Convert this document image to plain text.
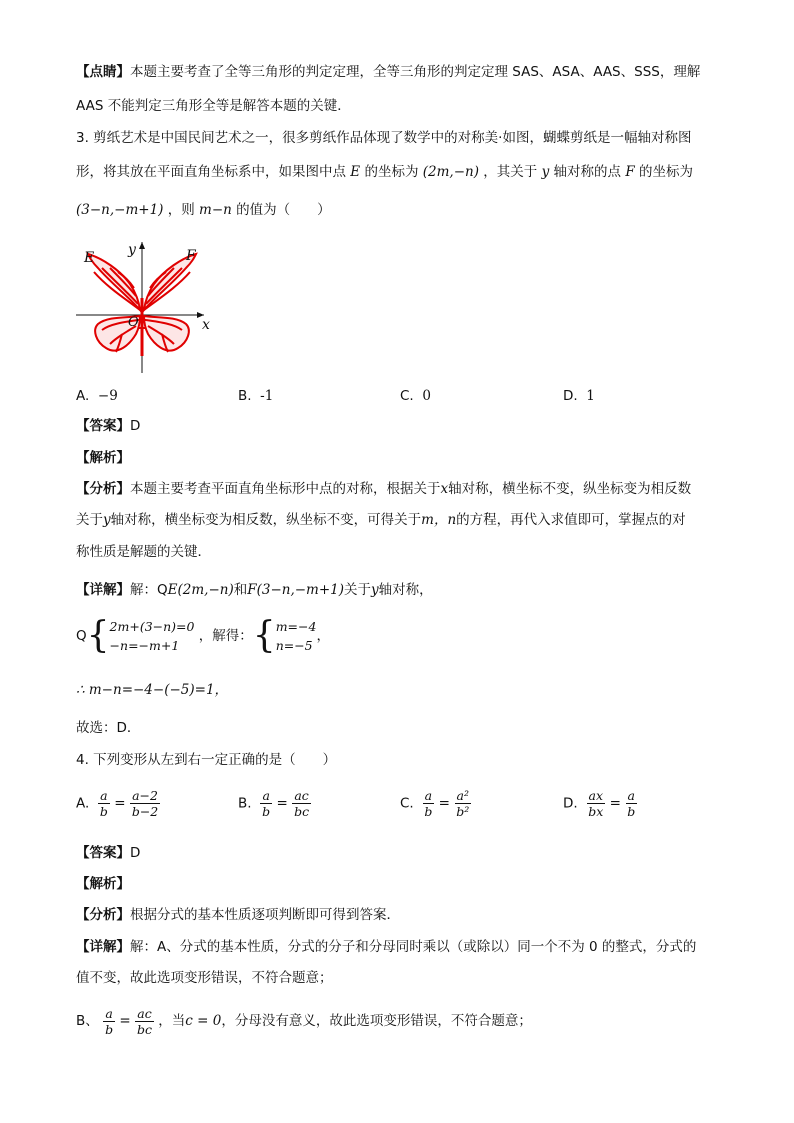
【点睛】本题主要考查了全等三角形的判定定理，全等三角形的判定定理 SAS、ASA、AAS、SSS，理解
AAS 不能判定三角形全等是解答本题的关键．
3. 剪纸艺术是中国民间艺术之一，很多剪纸作品体现了数学中的对称美·如图，蝴蝶剪纸是一幅轴对称图
形，将其放在平面直角坐标系中，如果图中点 E 的坐标为 (2m,−n) ，其关于 y 轴对称的点 F 的坐标为
(3−n,−m+1) ，则 m−n 的值为（　　）
E	F
y
x
O
A. −9	B. -1	C. 0	D. 1
【答案】D
【解析】
【分析】本题主要考查平面直角坐标形中点的对称，根据关于x轴对称，横坐标不变，纵坐标变为相反数
关于y轴对称，横坐标变为相反数，纵坐标不变，可得关于m，n的方程，再代入求值即可，掌握点的对
称性质是解题的关键．
【详解】解：QE(2m,−n)和F(3−n,−m+1)关于y轴对称，
Q{ 2m+(3−n)=0
−n=−m+1
，解得：{ m=−4
n=−5
，
∴ m−n=−4−(−5)=1，
故选：D．
4. 下列变形从左到右一定正确的是（　　）
A. $\frac{a}{b} = \frac{a-2}{b-2}$	B. $\frac{a}{b} = \frac{ac}{bc}$	C. $\frac{a}{b} = \frac{\text{a²}}{\text{b²}}$	D. $\frac{ax}{bx} = \frac{a}{b}$
【答案】D
【解析】
【分析】根据分式的基本性质逐项判断即可得到答案．
【详解】解：A、分式的基本性质，分式的分子和分母同时乘以（或除以）同一个不为 0 的整式，分式的
值不变，故此选项变形错误，不符合题意；
B、 $\frac{a}{b} = \frac{ac}{bc}$ ，当c = 0，分母没有意义，故此选项变形错误，不符合题意；
